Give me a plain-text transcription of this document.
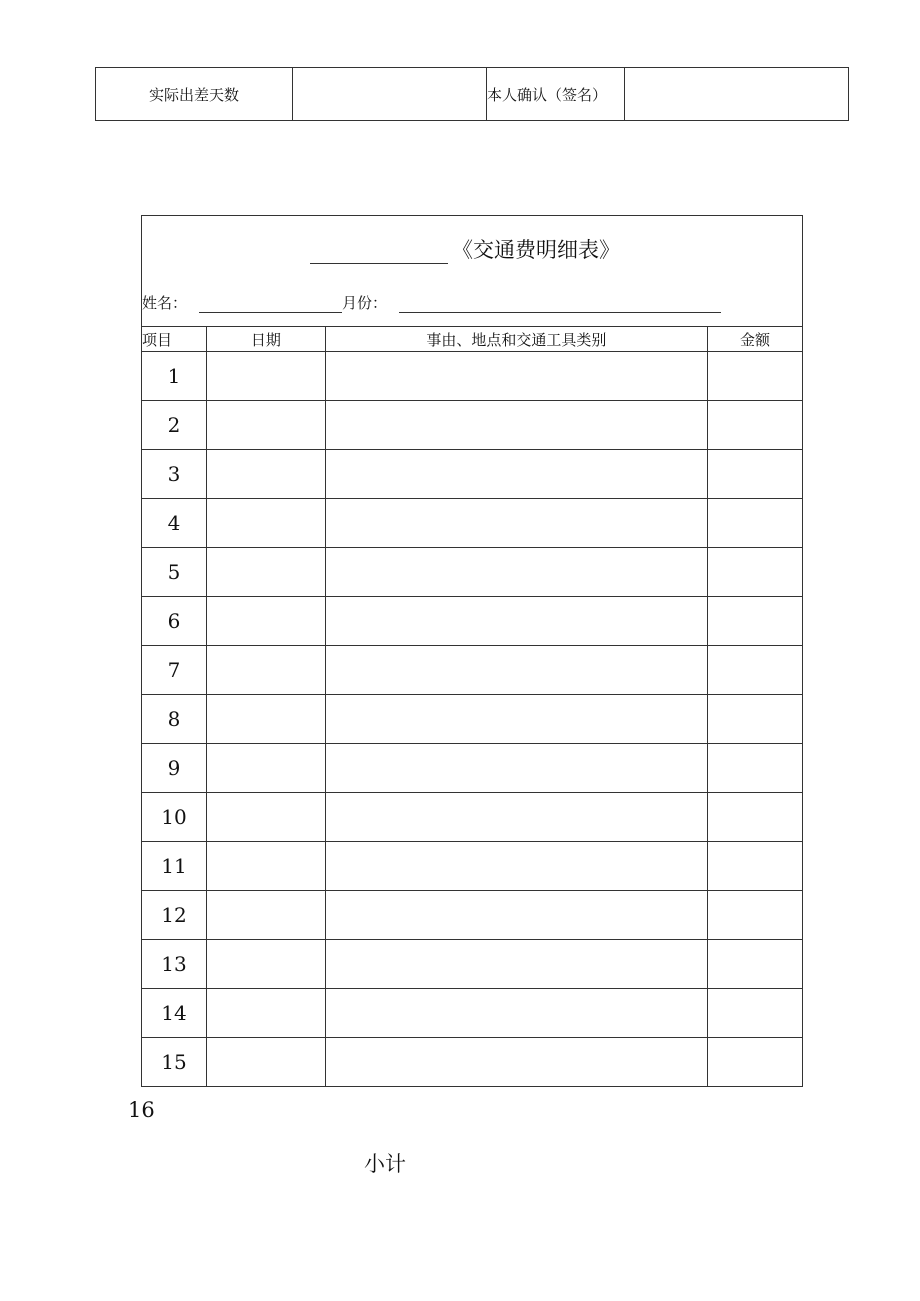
实际出差天数	本人确认（签名）
《交通费明细表》
姓名：	月份：
项目	日期	事由、地点和交通工具类别	金额
1			
2			
3			
4			
5			
6			
7			
8			
9			
10			
11			
12			
13			
14			
15			
16
小计
